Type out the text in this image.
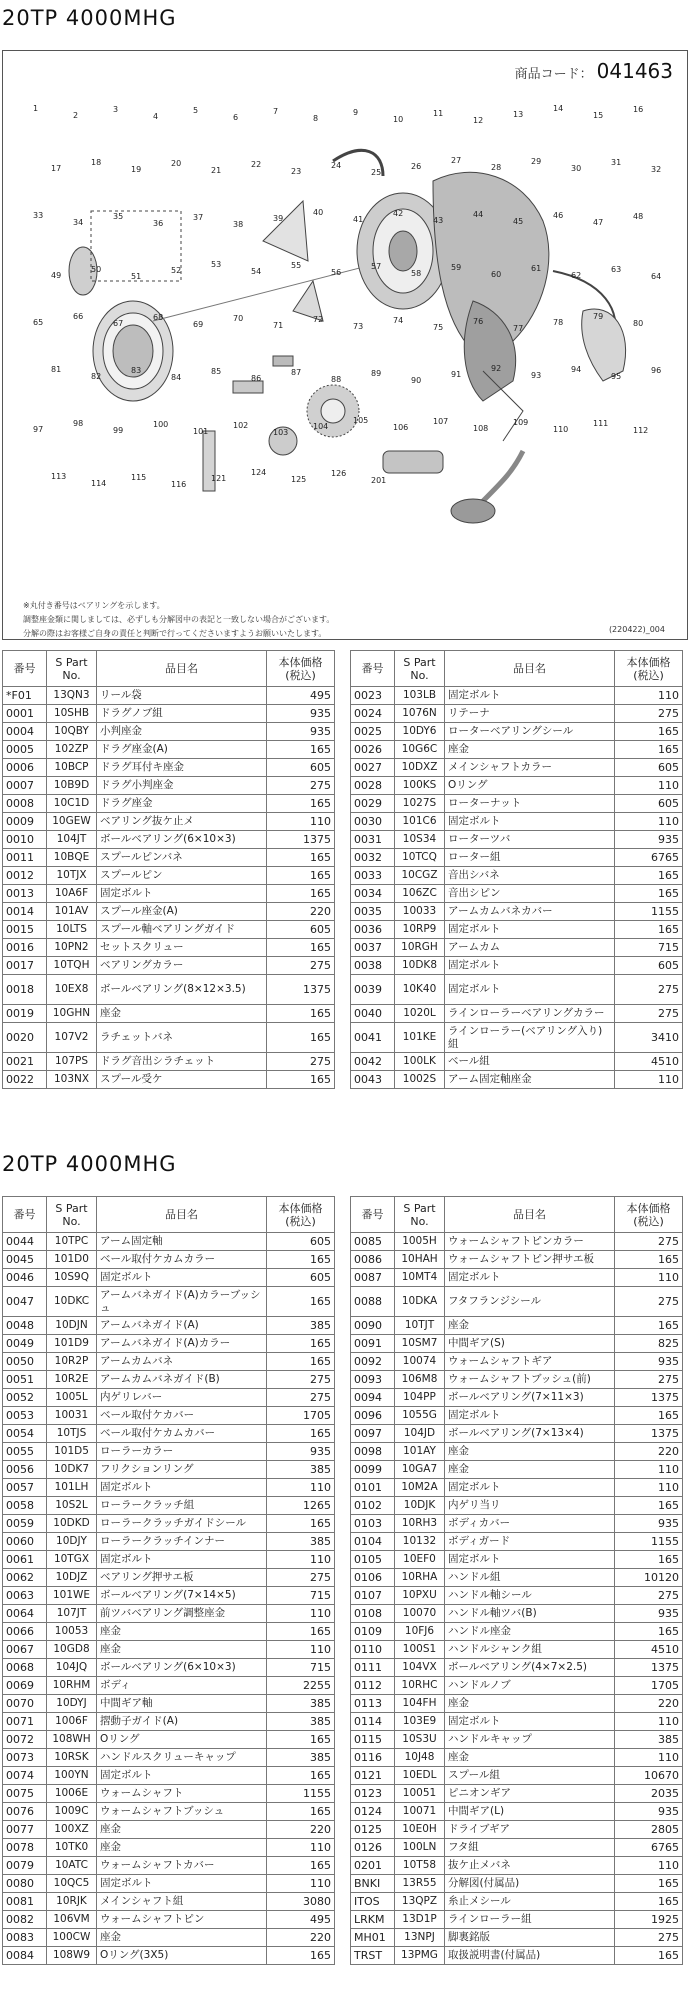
20TP 4000MHG
商品コード： 041463
1
2
3
4
5
6
7
8
9
10
11
12
13
14
15
16
17
18
19
20
21
22
23
24
25
26
27
28
29
30
31
32
33
34
35
36
37
38
39
40
41
42
43
44
45
46
47
48
49
50
51
52
53
54
55
56
57
58
59
60
61
62
63
64
65
66
67
68
69
70
71
72
73
74
75
76
77
78
79
80
81
82
83
84
85
86
87
88
89
90
91
92
93
94
95
96
97
98
99
100
101
102
103
104
105
106
107
108
109
110
111
112
113
114
115
116
121
124
125
126
201
※丸付き番号はベアリングを示します。
調整座金類に関しましては、必ずしも分解図中の表記と一致しない場合がございます。
分解の際はお客様ご自身の責任と判断で行ってくださいますようお願いいたします。	(220422)_004
番号	S Part
No.	品目名	本体価格
(税込)
*F01	13QN3	リール袋	495
0001	10SHB	ドラグノブ組	935
0004	10QBY	小判座金	935
0005	102ZP	ドラグ座金(A)	165
0006	10BCP	ドラグ耳付キ座金	605
0007	10B9D	ドラグ小判座金	275
0008	10C1D	ドラグ座金	165
0009	10GEW	ベアリング抜ケ止メ	110
0010	104JT	ボールベアリング(6×10×3)	1375
0011	10BQE	スプールピンバネ	165
0012	10TJX	スプールピン	165
0013	10A6F	固定ボルト	165
0014	101AV	スプール座金(A)	220
0015	10LTS	スプール軸ベアリングガイド	605
0016	10PN2	セットスクリュー	165
0017	10TQH	ベアリングカラー	275
0018	10EX8	ボールベアリング(8×12×3.5)	1375
0019	10GHN	座金	165
0020	107V2	ラチェットバネ	165
0021	107PS	ドラグ音出シラチェット	275
0022	103NX	スプール受ケ	165
番号	S Part
No.	品目名	本体価格
(税込)
0023	103LB	固定ボルト	110
0024	1076N	リテーナ	275
0025	10DY6	ローターベアリングシール	165
0026	10G6C	座金	165
0027	10DXZ	メインシャフトカラー	605
0028	100KS	Oリング	110
0029	1027S	ローターナット	605
0030	101C6	固定ボルト	110
0031	10S34	ローターツバ	935
0032	10TCQ	ローター組	6765
0033	10CGZ	音出シバネ	165
0034	106ZC	音出シピン	165
0035	10033	アームカムバネカバー	1155
0036	10RP9	固定ボルト	165
0037	10RGH	アームカム	715
0038	10DK8	固定ボルト	605
0039	10K40	固定ボルト	275
0040	1020L	ラインローラーベアリングカラー	275
0041	101KE	ラインローラー(ベアリング入り)組	3410
0042	100LK	ベール組	4510
0043	1002S	アーム固定軸座金	110
20TP 4000MHG
番号	S Part
No.	品目名	本体価格
(税込)
0044	10TPC	アーム固定軸	605
0045	101D0	ベール取付ケカムカラー	165
0046	10S9Q	固定ボルト	605
0047	10DKC	アームバネガイド(A)カラーブッシュ	165
0048	10DJN	アームバネガイド(A)	385
0049	101D9	アームバネガイド(A)カラー	165
0050	10R2P	アームカムバネ	165
0051	10R2E	アームカムバネガイド(B)	275
0052	1005L	内ゲリレバー	275
0053	10031	ベール取付ケカバー	1705
0054	10TJS	ベール取付ケカムカバー	165
0055	101D5	ローラーカラー	935
0056	10DK7	フリクションリング	385
0057	101LH	固定ボルト	110
0058	10S2L	ローラークラッチ組	1265
0059	10DKD	ローラークラッチガイドシール	165
0060	10DJY	ローラークラッチインナー	385
0061	10TGX	固定ボルト	110
0062	10DJZ	ベアリング押サエ板	275
0063	101WE	ボールベアリング(7×14×5)	715
0064	107JT	前ツバベアリング調整座金	110
0066	10053	座金	165
0067	10GD8	座金	110
0068	104JQ	ボールベアリング(6×10×3)	715
0069	10RHM	ボディ	2255
0070	10DYJ	中間ギア軸	385
0071	1006F	摺動子ガイド(A)	385
0072	108WH	Oリング	165
0073	10RSK	ハンドルスクリューキャップ	385
0074	100YN	固定ボルト	165
0075	1006E	ウォームシャフト	1155
0076	1009C	ウォームシャフトブッシュ	165
0077	100XZ	座金	220
0078	10TK0	座金	110
0079	10ATC	ウォームシャフトカバー	165
0080	10QC5	固定ボルト	110
0081	10RJK	メインシャフト組	3080
0082	106VM	ウォームシャフトピン	495
0083	100CW	座金	220
0084	108W9	Oリング(3X5)	165
番号	S Part
No.	品目名	本体価格
(税込)
0085	1005H	ウォームシャフトピンカラー	275
0086	10HAH	ウォームシャフトピン押サエ板	165
0087	10MT4	固定ボルト	110
0088	10DKA	フタフランジシール	275
0090	10TJT	座金	165
0091	10SM7	中間ギア(S)	825
0092	10074	ウォームシャフトギア	935
0093	106M8	ウォームシャフトブッシュ(前)	275
0094	104PP	ボールベアリング(7×11×3)	1375
0096	1055G	固定ボルト	165
0097	104JD	ボールベアリング(7×13×4)	1375
0098	101AY	座金	220
0099	10GA7	座金	110
0101	10M2A	固定ボルト	110
0102	10DJK	内ゲリ当リ	165
0103	10RH3	ボディカバー	935
0104	10132	ボディガード	1155
0105	10EF0	固定ボルト	165
0106	10RHA	ハンドル組	10120
0107	10PXU	ハンドル軸シール	275
0108	10070	ハンドル軸ツバ(B)	935
0109	10FJ6	ハンドル座金	165
0110	100S1	ハンドルシャンク組	4510
0111	104VX	ボールベアリング(4×7×2.5)	1375
0112	10RHC	ハンドルノブ	1705
0113	104FH	座金	220
0114	103E9	固定ボルト	110
0115	10S3U	ハンドルキャップ	385
0116	10J48	座金	110
0121	10EDL	スプール組	10670
0123	10051	ピニオンギア	2035
0124	10071	中間ギア(L)	935
0125	10E0H	ドライブギア	2805
0126	100LN	フタ組	6765
0201	10T58	抜ケ止メバネ	110
BNKI	13R55	分解図(付属品)	165
ITOS	13QPZ	糸止メシール	165
LRKM	13D1P	ラインローラー組	1925
MH01	13NPJ	脚裏銘版	275
TRST	13PMG	取扱説明書(付属品)	165
